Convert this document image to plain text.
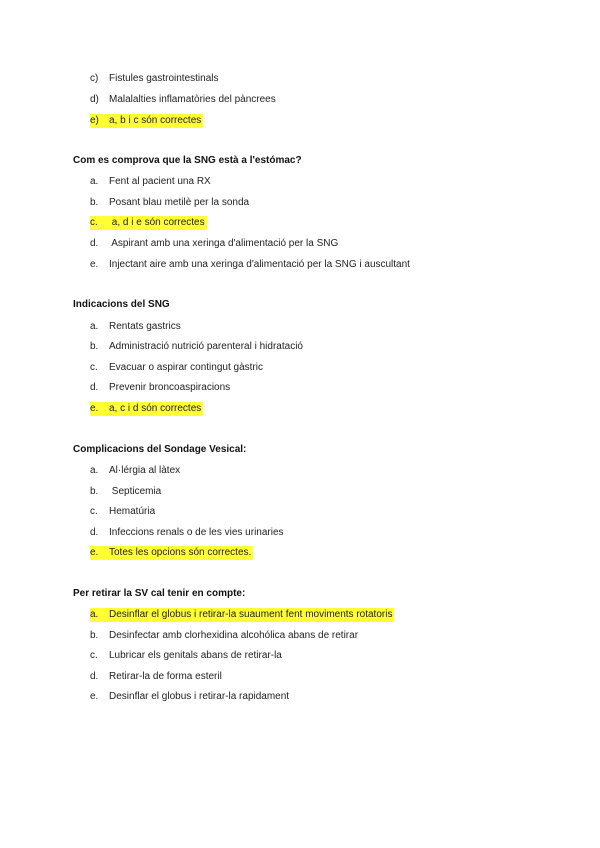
c) Fistules gastrointestinals
d) Malalalties inflamatòries del pàncrees
e) a, b i c són correctes
Com es comprova que la SNG està a l'estómac?
a. Fent al pacient una RX
b. Posant blau metilè per la sonda
c. a, d i e són correctes
d. Aspirant amb una xeringa d'alimentació per la SNG
e. Injectant aire amb una xeringa d'alimentació per la SNG i auscultant
Indicacions del SNG
a. Rentats gastrics
b. Administració nutrició parenteral i hidratació
c. Evacuar o aspirar contingut gàstric
d. Prevenir broncoaspiracions
e. a, c i d són correctes
Complicacions del Sondage Vesical:
a. Al·lérgia al làtex
b. Septicemia
c. Hematúria
d. Infeccions renals o de les vies urinaries
e. Totes les opcions són correctes.
Per retirar la SV cal tenir en compte:
a. Desinflar el globus i retirar-la suaument fent moviments rotatoris
b. Desinfectar amb clorhexidina alcohólica abans de retirar
c. Lubricar els genitals abans de retirar-la
d. Retirar-la de forma esteril
e. Desinflar el globus i retirar-la rapidament
